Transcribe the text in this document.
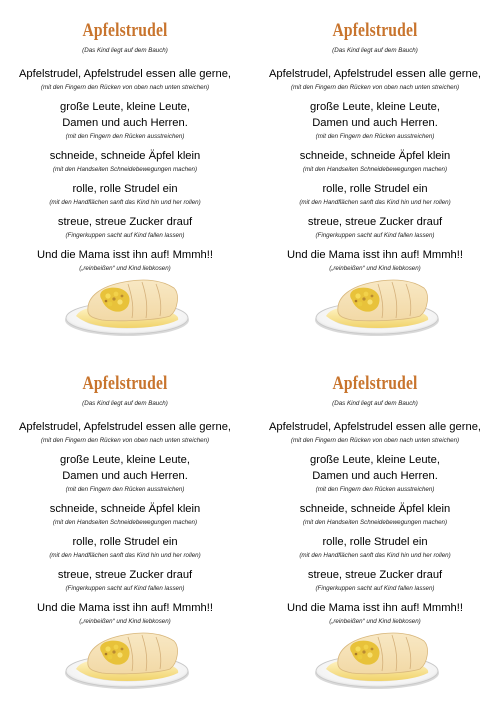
Apfelstrudel
(Das Kind liegt auf dem Bauch)
Apfelstrudel, Apfelstrudel essen alle gerne,
(mit den Fingern den Rücken von oben nach unten streichen)
große Leute, kleine Leute,
Damen und auch Herren.
(mit den Fingern den Rücken ausstreichen)
schneide, schneide Äpfel klein
(mit den Handseiten Schneidebewegungen machen)
rolle, rolle Strudel ein
(mit den Handflächen sanft das Kind hin und her rollen)
streue, streue Zucker drauf
(Fingerkuppen sacht auf Kind fallen lassen)
Und die Mama isst ihn auf! Mmmh!!
(„reinbeißen“ und Kind liebkosen)
Apfelstrudel
(Das Kind liegt auf dem Bauch)
Apfelstrudel, Apfelstrudel essen alle gerne,
(mit den Fingern den Rücken von oben nach unten streichen)
große Leute, kleine Leute,
Damen und auch Herren.
(mit den Fingern den Rücken ausstreichen)
schneide, schneide Äpfel klein
(mit den Handseiten Schneidebewegungen machen)
rolle, rolle Strudel ein
(mit den Handflächen sanft das Kind hin und her rollen)
streue, streue Zucker drauf
(Fingerkuppen sacht auf Kind fallen lassen)
Und die Mama isst ihn auf! Mmmh!!
(„reinbeißen“ und Kind liebkosen)
Apfelstrudel
(Das Kind liegt auf dem Bauch)
Apfelstrudel, Apfelstrudel essen alle gerne,
(mit den Fingern den Rücken von oben nach unten streichen)
große Leute, kleine Leute,
Damen und auch Herren.
(mit den Fingern den Rücken ausstreichen)
schneide, schneide Äpfel klein
(mit den Handseiten Schneidebewegungen machen)
rolle, rolle Strudel ein
(mit den Handflächen sanft das Kind hin und her rollen)
streue, streue Zucker drauf
(Fingerkuppen sacht auf Kind fallen lassen)
Und die Mama isst ihn auf! Mmmh!!
(„reinbeißen“ und Kind liebkosen)
Apfelstrudel
(Das Kind liegt auf dem Bauch)
Apfelstrudel, Apfelstrudel essen alle gerne,
(mit den Fingern den Rücken von oben nach unten streichen)
große Leute, kleine Leute,
Damen und auch Herren.
(mit den Fingern den Rücken ausstreichen)
schneide, schneide Äpfel klein
(mit den Handseiten Schneidebewegungen machen)
rolle, rolle Strudel ein
(mit den Handflächen sanft das Kind hin und her rollen)
streue, streue Zucker drauf
(Fingerkuppen sacht auf Kind fallen lassen)
Und die Mama isst ihn auf! Mmmh!!
(„reinbeißen“ und Kind liebkosen)
